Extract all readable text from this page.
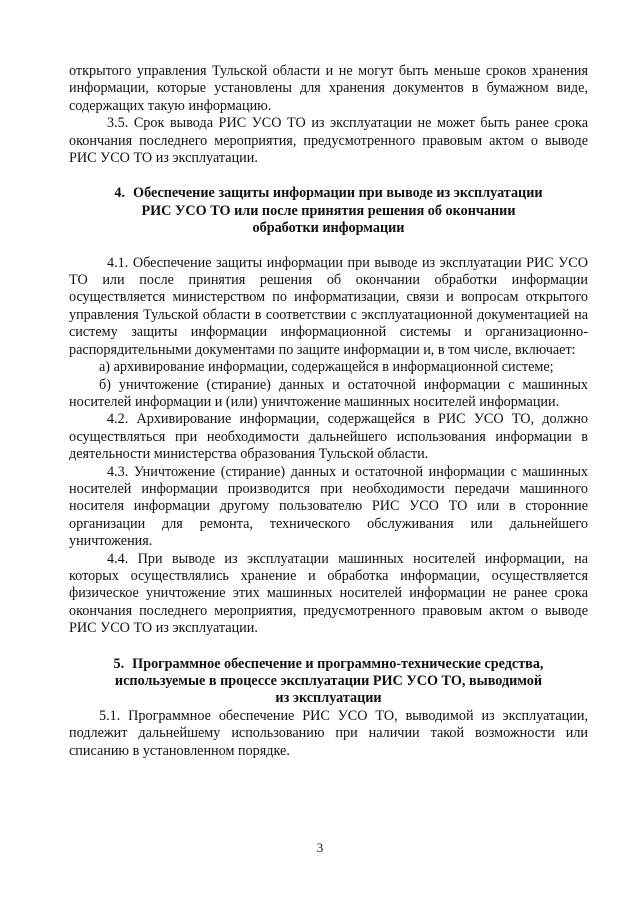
открытого управления Тульской области и не могут быть меньше сроков хранения информации, которые установлены для хранения документов в бумажном виде, содержащих такую информацию.

3.5. Срок вывода РИС УСО ТО из эксплуатации не может быть ранее срока окончания последнего мероприятия, предусмотренного правовым актом о выводе РИС УСО ТО из эксплуатации.

4. Обеспечение защиты информации при выводе из эксплуатации
РИС УСО ТО или после принятия решения об окончании
обработки информации

4.1. Обеспечение защиты информации при выводе из эксплуатации РИС УСО ТО или после принятия решения об окончании обработки информации осуществляется министерством по информатизации, связи и вопросам открытого управления Тульской области в соответствии с эксплуатационной документацией на систему защиты информации информационной системы и организационно-распорядительными документами по защите информации и, в том числе, включает:

а) архивирование информации, содержащейся в информационной системе;

б) уничтожение (стирание) данных и остаточной информации с машинных носителей информации и (или) уничтожение машинных носителей информации.

4.2. Архивирование информации, содержащейся в РИС УСО ТО, должно осуществляться при необходимости дальнейшего использования информации в деятельности министерства образования Тульской области.

4.3. Уничтожение (стирание) данных и остаточной информации с машинных носителей информации производится при необходимости передачи машинного носителя информации другому пользователю РИС УСО ТО или в сторонние организации для ремонта, технического обслуживания или дальнейшего уничтожения.

4.4. При выводе из эксплуатации машинных носителей информации, на которых осуществлялись хранение и обработка информации, осуществляется физическое уничтожение этих машинных носителей информации не ранее срока окончания последнего мероприятия, предусмотренного правовым актом о выводе РИС УСО ТО из эксплуатации.

5. Программное обеспечение и программно-технические средства,
используемые в процессе эксплуатации РИС УСО ТО, выводимой
из эксплуатации

5.1. Программное обеспечение РИС УСО ТО, выводимой из эксплуатации, подлежит дальнейшему использованию при наличии такой возможности или списанию в установленном порядке.

3
